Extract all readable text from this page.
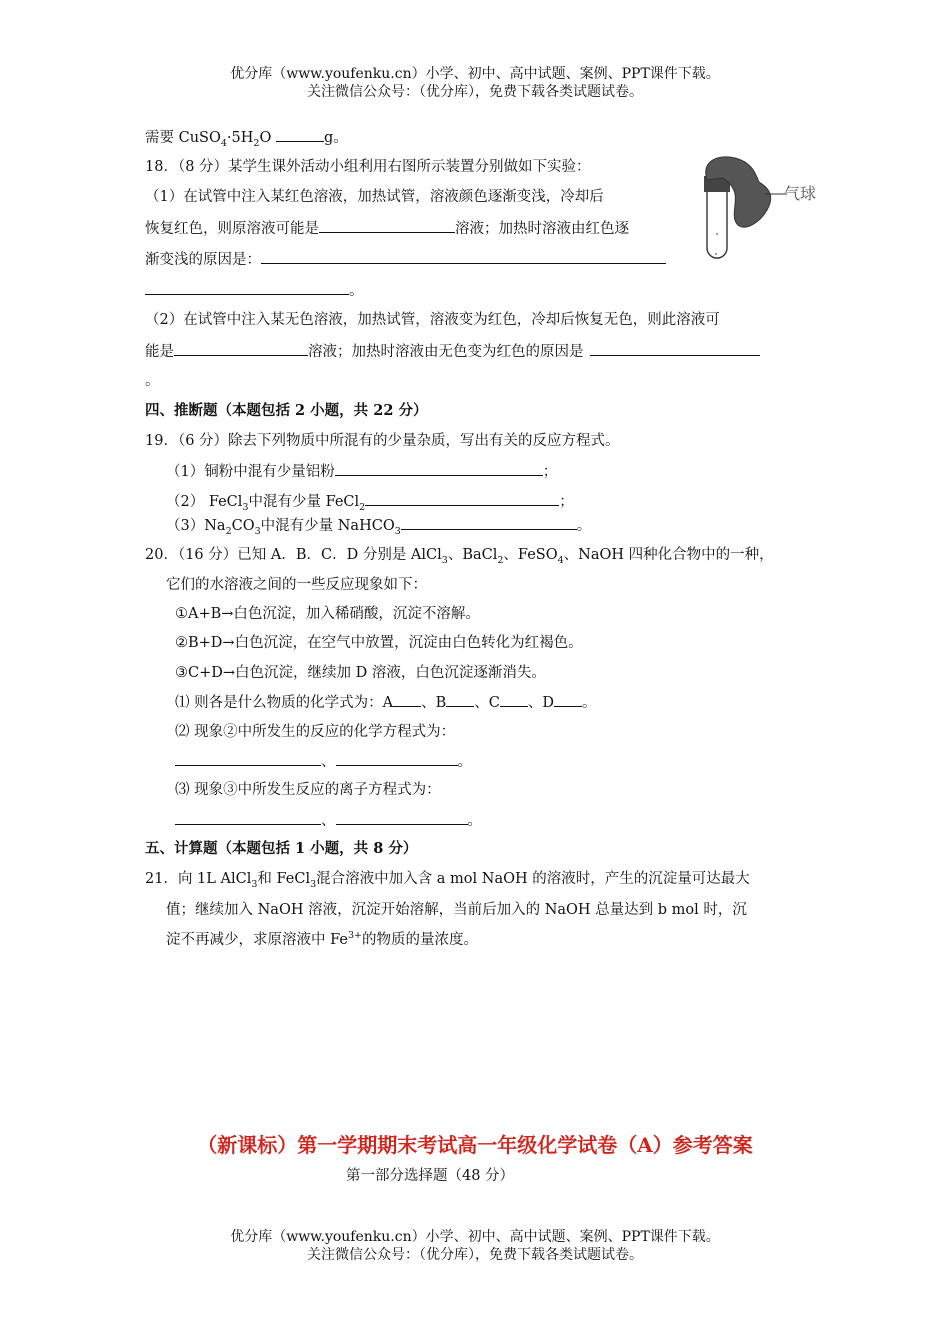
优分库（www.youfenku.cn）小学、初中、高中试题、案例、PPT课件下载。
关注微信公众号：（优分库），免费下载各类试题试卷。
需要 $CuSO_4\cdot 5H_2O$	g。
18．（8 分）某学生课外活动小组利用右图所示装置分别做如下实验：
（1）在试管中注入某红色溶液，加热试管，溶液颜色逐渐变浅，冷却后
恢复红色，则原溶液可能是	溶液；加热时溶液由红色逐
渐变浅的原因是：
。
（2）在试管中注入某无色溶液，加热试管，溶液变为红色，冷却后恢复无色，则此溶液可
能是	溶液；加热时溶液由无色变为红色的原因是
。
气球
四、推断题（本题包括 2 小题，共 22 分）
19．（6 分）除去下列物质中所混有的少量杂质，写出有关的反应方程式。
（1）铜粉中混有少量铝粉	；
（2） FeCl$_3$中混有少量 FeCl$_2$	；
$(3)Na_2CO_3$中混有少量 NaHCO$_3$	。
20．（16 分）已知 A．B．C．D 分别是 AlCl$_3$、BaCl$_2$、FeSO$_4$、NaOH 四种化合物中的一种，
它们的水溶液之间的一些反应现象如下：
①A+B→白色沉淀，加入稀硝酸，沉淀不溶解。
②B+D→白色沉淀，在空气中放置，沉淀由白色转化为红褐色。
③C+D→白色沉淀，继续加 D 溶液，白色沉淀逐渐消失。
⑴ 则各是什么物质的化学式为：A 、B 、C 、D 。
⑵ 现象②中所发生的反应的化学方程式为：
、	。
⑶ 现象③中所发生反应的离子方程式为：
、	。
五、计算题（本题包括 1 小题，共 8 分）
21．向 1L AlCl$_3$和 FeCl$_3$混合溶液中加入含 a mol NaOH 的溶液时，产生的沉淀量可达最大
值；继续加入 NaOH 溶液，沉淀开始溶解，当前后加入的 NaOH 总量达到 b mol 时，沉
淀不再减少，求原溶液中 $Fe^{3+}$的物质的量浓度。
（新课标）第一学期期末考试高一年级化学试卷（A）参考答案
第一部分选择题（48 分）
优分库（www.youfenku.cn）小学、初中、高中试题、案例、PPT课件下载。
关注微信公众号：（优分库），免费下载各类试题试卷。
